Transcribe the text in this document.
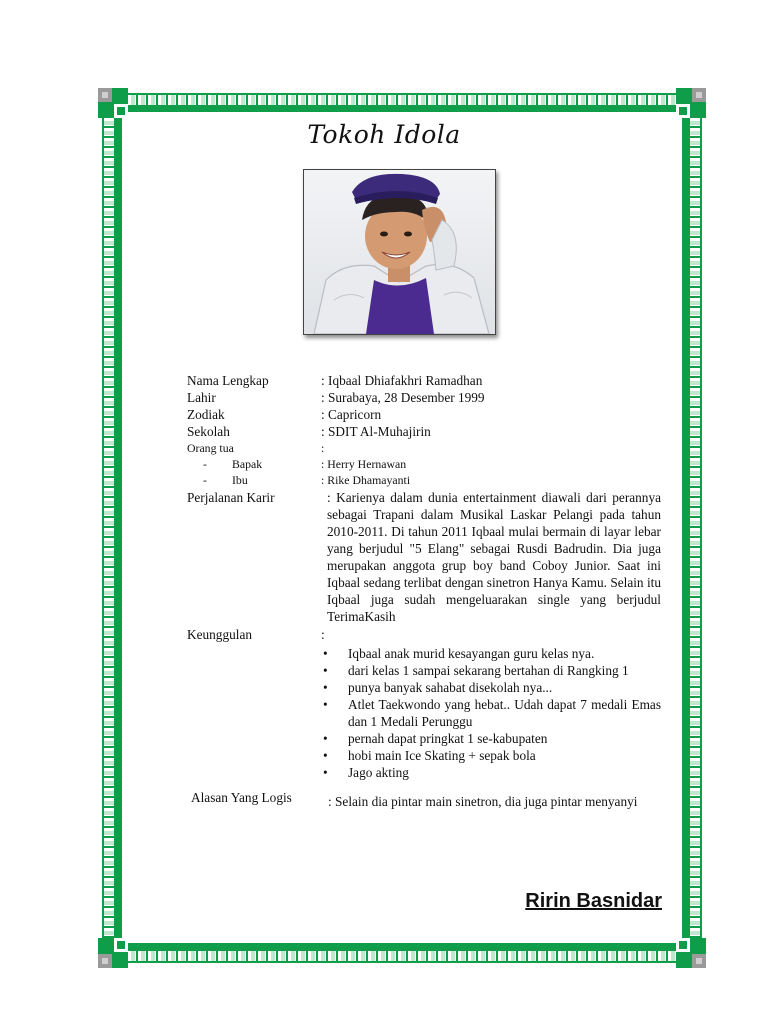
Tokoh Idola
Nama Lengkap	: Iqbaal Dhiafakhri Ramadhan
Lahir	: Surabaya, 28 Desember 1999
Zodiak	: Capricorn
Sekolah	: SDIT Al-Muhajirin
Orang tua	:
-	Bapak	: Herry Hernawan
-	Ibu	: Rike Dhamayanti
Perjalanan Karir	: Karienya dalam dunia entertainment diawali dari perannya sebagai Trapani dalam Musikal Laskar Pelangi pada tahun 2010-2011. Di tahun 2011 Iqbaal mulai bermain di layar lebar yang berjudul "5 Elang" sebagai Rusdi Badrudin. Dia juga merupakan anggota grup boy band Coboy Junior. Saat ini Iqbaal sedang terlibat dengan sinetron Hanya Kamu. Selain itu Iqbaal juga sudah mengeluarakan single yang berjudul TerimaKasih
Keunggulan	:
•	Iqbaal anak murid kesayangan guru kelas nya.
•	dari kelas 1 sampai sekarang bertahan di Rangking 1
•	punya banyak sahabat disekolah nya...
•	Atlet Taekwondo yang hebat.. Udah dapat 7 medali Emas dan 1 Medali Perunggu
•	pernah dapat pringkat 1 se-kabupaten
•	hobi main Ice Skating + sepak bola
•	Jago akting
Alasan Yang Logis	: Selain dia pintar main sinetron, dia juga pintar menyanyi
Ririn Basnidar
